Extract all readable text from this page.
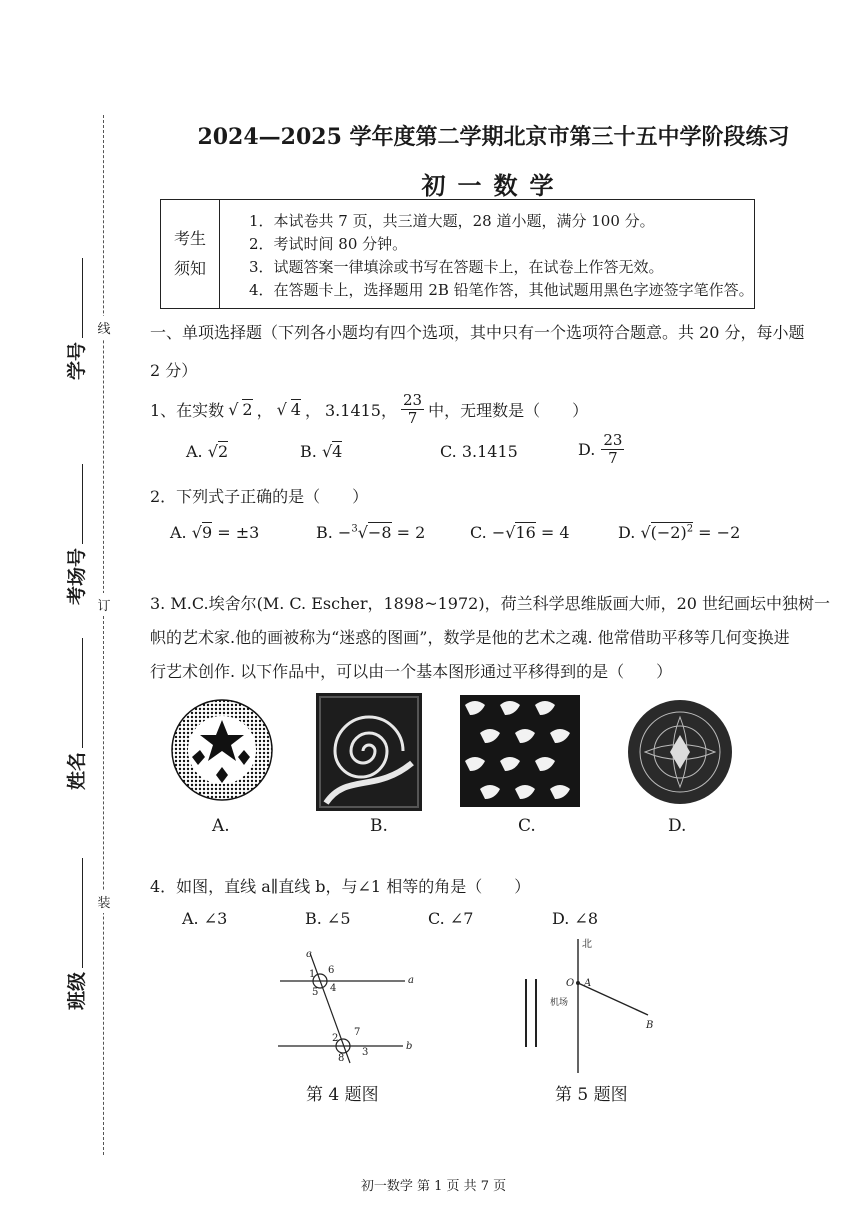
线
订
装
学号
考场号
姓名
班级
2024—2025 学年度第二学期北京市第三十五中学阶段练习
初一数学
考生
须知
1．本试卷共 7 页，共三道大题，28 道小题，满分 100 分。
2．考试时间 80 分钟。
3．试题答案一律填涂或书写在答题卡上，在试卷上作答无效。
4．在答题卡上，选择题用 2B 铅笔作答，其他试题用黑色字迹签字笔作答。
一、单项选择题（下列各小题均有四个选项，其中只有一个选项符合题意。共 20 分，每小题
2 分）
1、在实数 √ 2 ， √ 4 ， 3.1415， $\frac{23}{7}$ 中，无理数是（　　）
A. √2	B. √4	C. 3.1415	D. $\frac{23}{7}$
2．下列式子正确的是（　　）
A. √9 = ±3	B. −$^3$√−8 = 2	C. −√16 = 4	D. $√(-2)^2 = -2$
3. M.C.埃舍尔(M. C. Escher，1898~1972)，荷兰科学思维版画大师，20 世纪画坛中独树一
帜的艺术家.他的画被称为“迷惑的图画”，数学是他的艺术之魂. 他常借助平移等几何变换进
行艺术创作. 以下作品中，可以由一个基本图形通过平移得到的是（　　）
A.	B.	C.	D.
4．如图，直线 a∥直线 b，与∠1 相等的角是（　　）
A. ∠3	B. ∠5	C. ∠7	D. ∠8
c
a
b
1 6
5 4
2
7
8
3
第 4 题图
北
O A
B
机场
第 5 题图
初一数学 第 1 页 共 7 页
